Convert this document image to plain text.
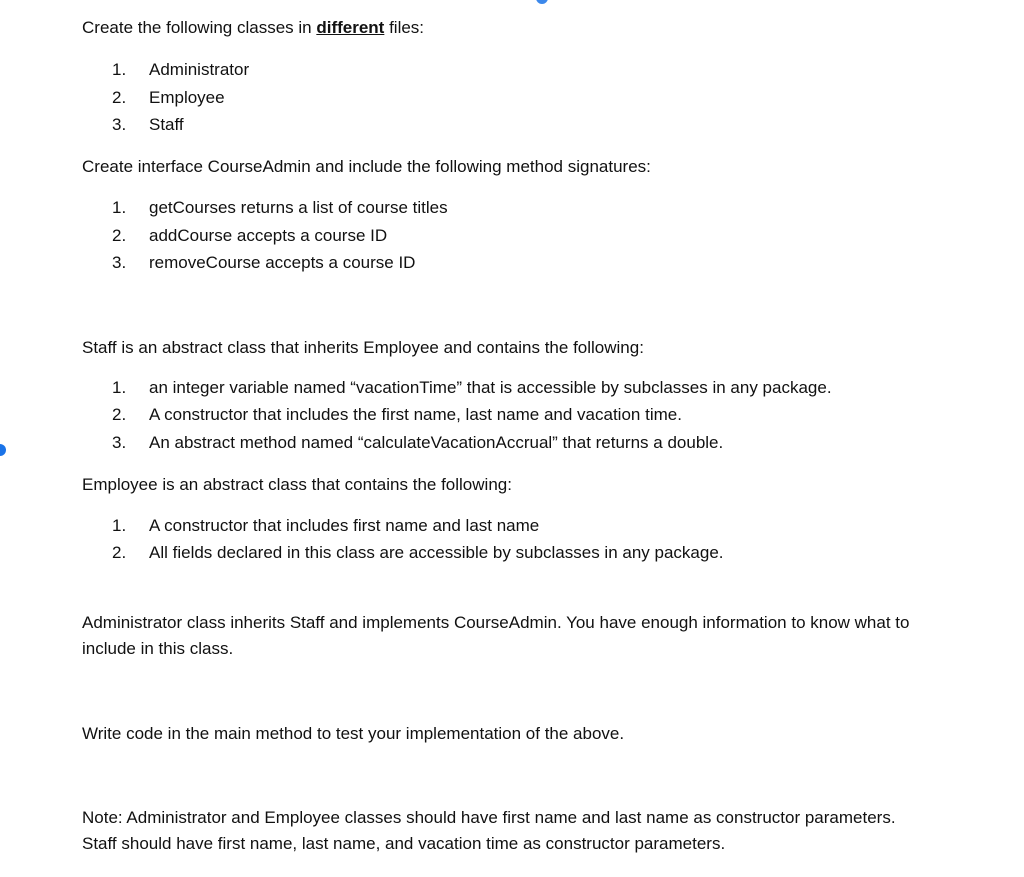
Create the following classes in different files:

1. Administrator

2. Employee

3. Staff

Create interface CourseAdmin and include the following method signatures:

1. getCourses returns a list of course titles

2. addCourse accepts a course ID

3. removeCourse accepts a course ID

Staff is an abstract class that inherits Employee and contains the following:

1. an integer variable named “vacationTime” that is accessible by subclasses in any package.

2. A constructor that includes the first name, last name and vacation time.

3. An abstract method named “calculateVacationAccrual” that returns a double.

Employee is an abstract class that contains the following:

1. A constructor that includes first name and last name

2. All fields declared in this class are accessible by subclasses in any package.

Administrator class inherits Staff and implements CourseAdmin. You have enough information to know what to include in this class.

Write code in the main method to test your implementation of the above.

Note: Administrator and Employee classes should have first name and last name as constructor parameters. Staff should have first name, last name, and vacation time as constructor parameters.
